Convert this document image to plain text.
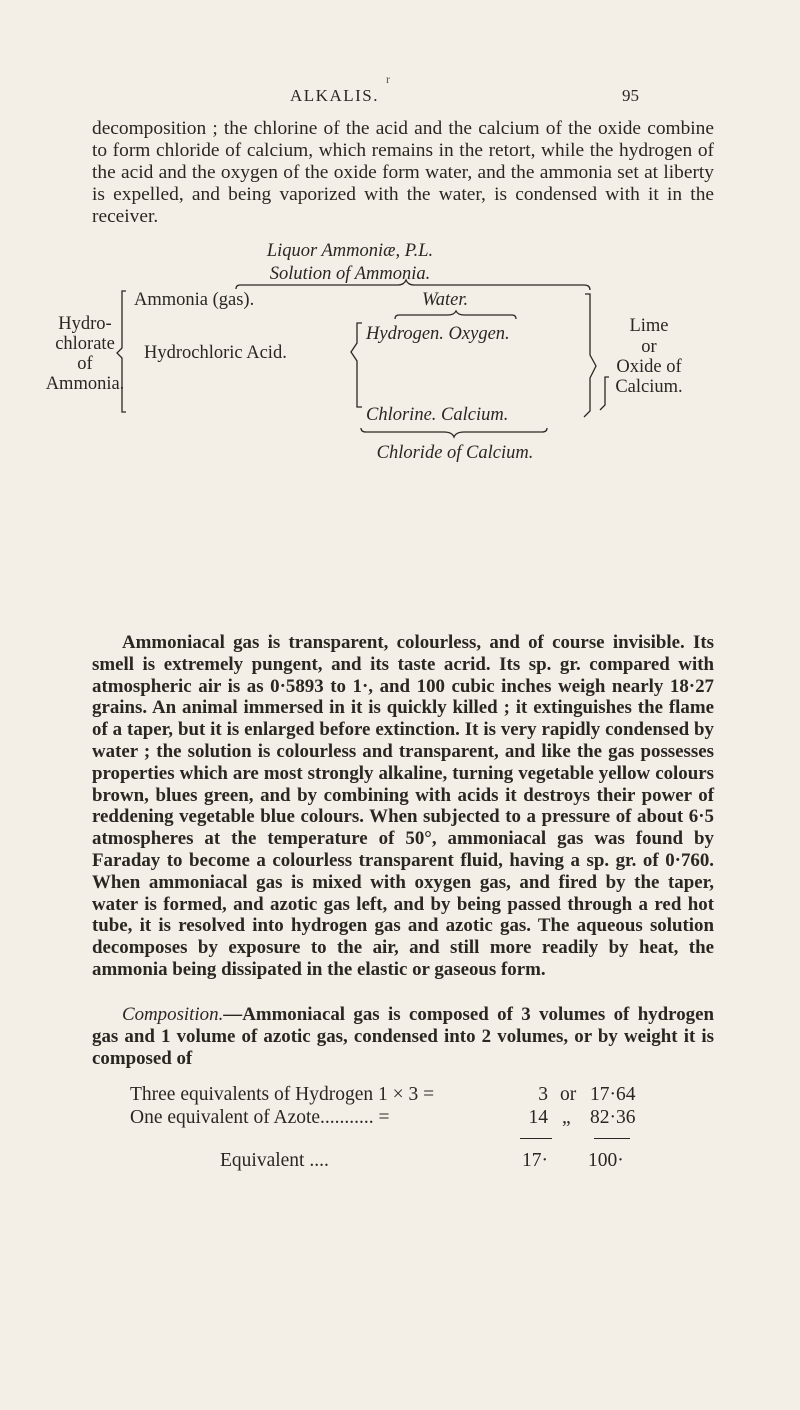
r
ALKALIS.	95

decomposition ; the chlorine of the acid and the calcium of the oxide combine to form chloride of calcium, which remains in the retort, while the hydrogen of the acid and the oxygen of the oxide form water, and the ammonia set at liberty is expelled, and being vaporized with the water, is condensed with it in the receiver.

Liquor Ammoniæ, P.L.
Solution of Ammonia.
Hydro-
chlorate
of
Ammonia.
Ammonia (gas).	Water.
Hydrogen. Oxygen.
Hydrochloric Acid.
Chlorine. Calcium.
Lime
or
Oxide of
Calcium.
Chloride of Calcium.

Ammoniacal gas is transparent, colourless, and of course invisible. Its smell is extremely pungent, and its taste acrid. Its sp. gr. compared with atmospheric air is as 0·5893 to 1·, and 100 cubic inches weigh nearly 18·27 grains. An animal immersed in it is quickly killed ; it extinguishes the flame of a taper, but it is enlarged before extinction. It is very rapidly condensed by water ; the solution is colourless and transparent, and like the gas possesses properties which are most strongly alkaline, turning vegetable yellow colours brown, blues green, and by combining with acids it destroys their power of reddening vegetable blue colours. When subjected to a pressure of about 6·5 atmospheres at the temperature of 50°, ammoniacal gas was found by Faraday to become a colourless transparent fluid, having a sp. gr. of 0·760. When ammoniacal gas is mixed with oxygen gas, and fired by the taper, water is formed, and azotic gas left, and by being passed through a red hot tube, it is resolved into hydrogen gas and azotic gas. The aqueous solution decomposes by exposure to the air, and still more readily by heat, the ammonia being dissipated in the elastic or gaseous form.

Composition.—Ammoniacal gas is composed of 3 volumes of hydrogen gas and 1 volume of azotic gas, condensed into 2 volumes, or by weight it is composed of

Three equivalents of Hydrogen 1 × 3 =	3 or 17·64
One equivalent of Azote........... =	14 „ 82·36
Equivalent ....	17· 100·
